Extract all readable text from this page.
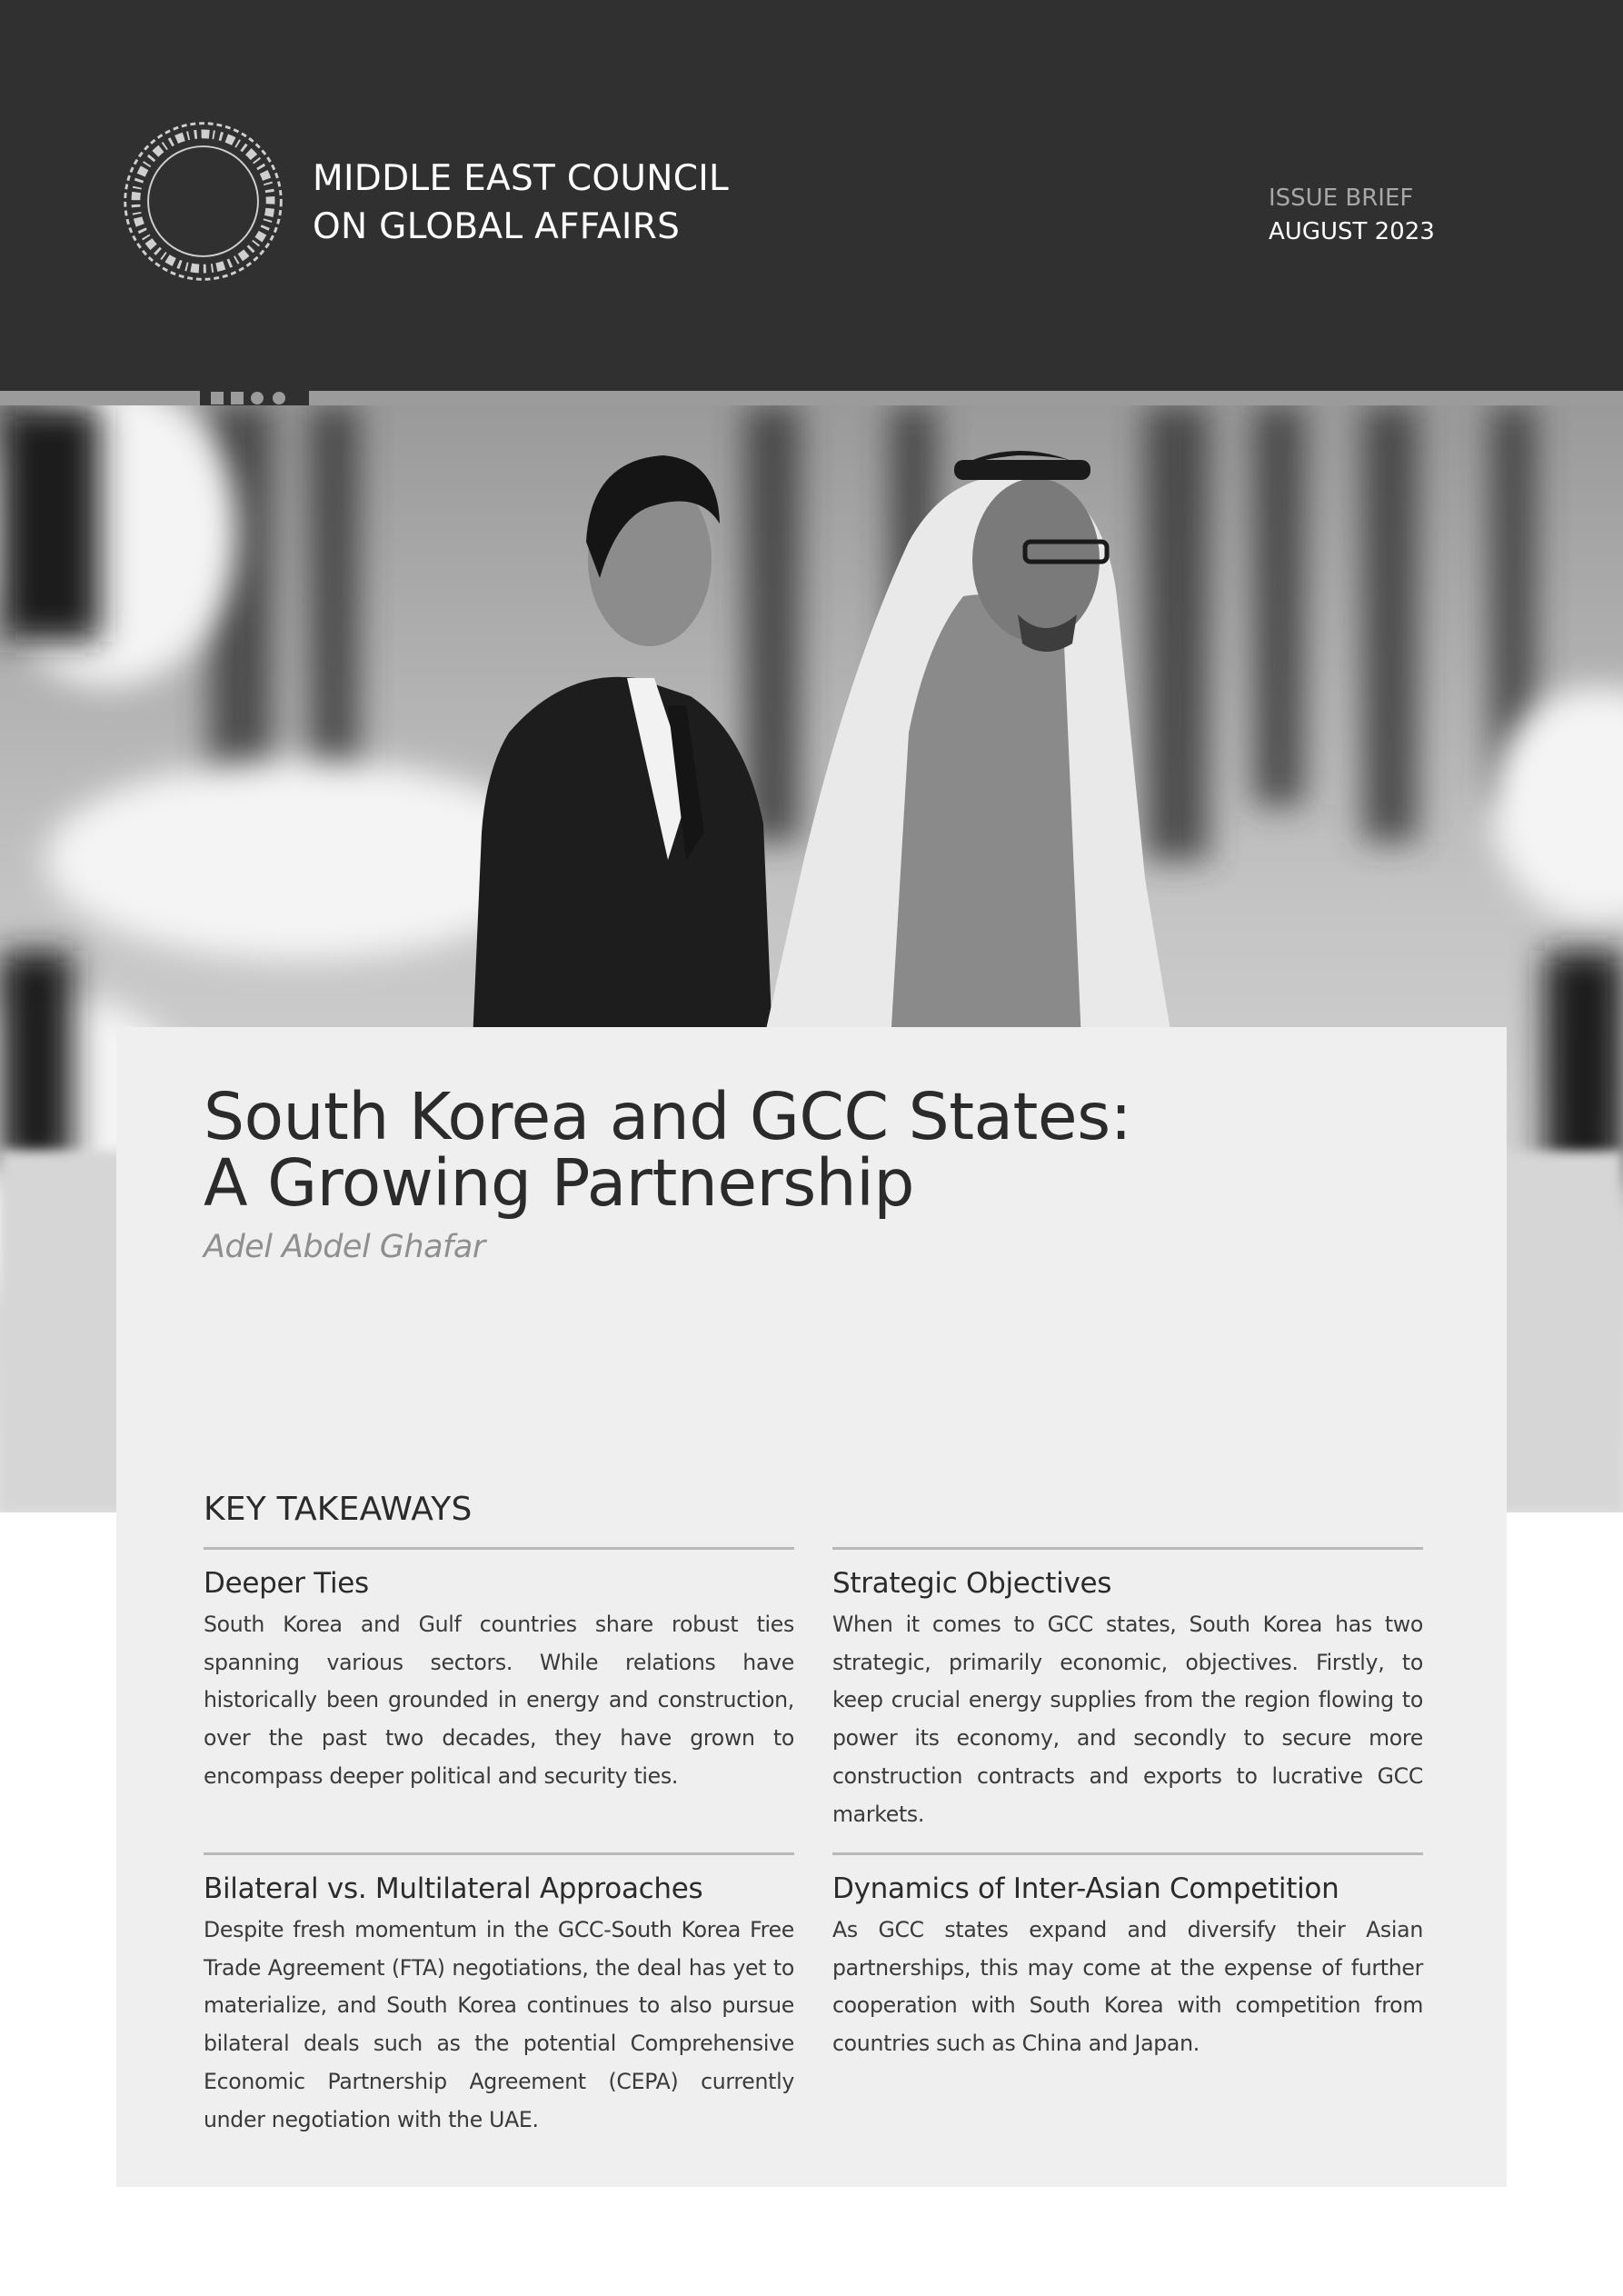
MIDDLE EAST COUNCIL
ON GLOBAL AFFAIRS
ISSUE BRIEF
AUGUST 2023
South Korea and GCC States:
A Growing Partnership
Adel Abdel Ghafar
KEY TAKEAWAYS
Deeper Ties

South Korea and Gulf countries share robust ties spanning various sectors. While relations have historically been grounded in energy and construction, over the past two decades, they have grown to encompass deeper political and security ties.

Strategic Objectives

When it comes to GCC states, South Korea has two strategic, primarily economic, objectives. Firstly, to keep crucial energy supplies from the region flowing to power its economy, and secondly to secure more construction contracts and exports to lucrative GCC markets.

Bilateral vs. Multilateral Approaches

Despite fresh momentum in the GCC-South Korea Free Trade Agreement (FTA) negotiations, the deal has yet to materialize, and South Korea continues to also pursue bilateral deals such as the potential Comprehensive Economic Partnership Agreement (CEPA) currently under negotiation with the UAE.

Dynamics of Inter-Asian Competition

As GCC states expand and diversify their Asian partnerships, this may come at the expense of further cooperation with South Korea with competition from countries such as China and Japan.
